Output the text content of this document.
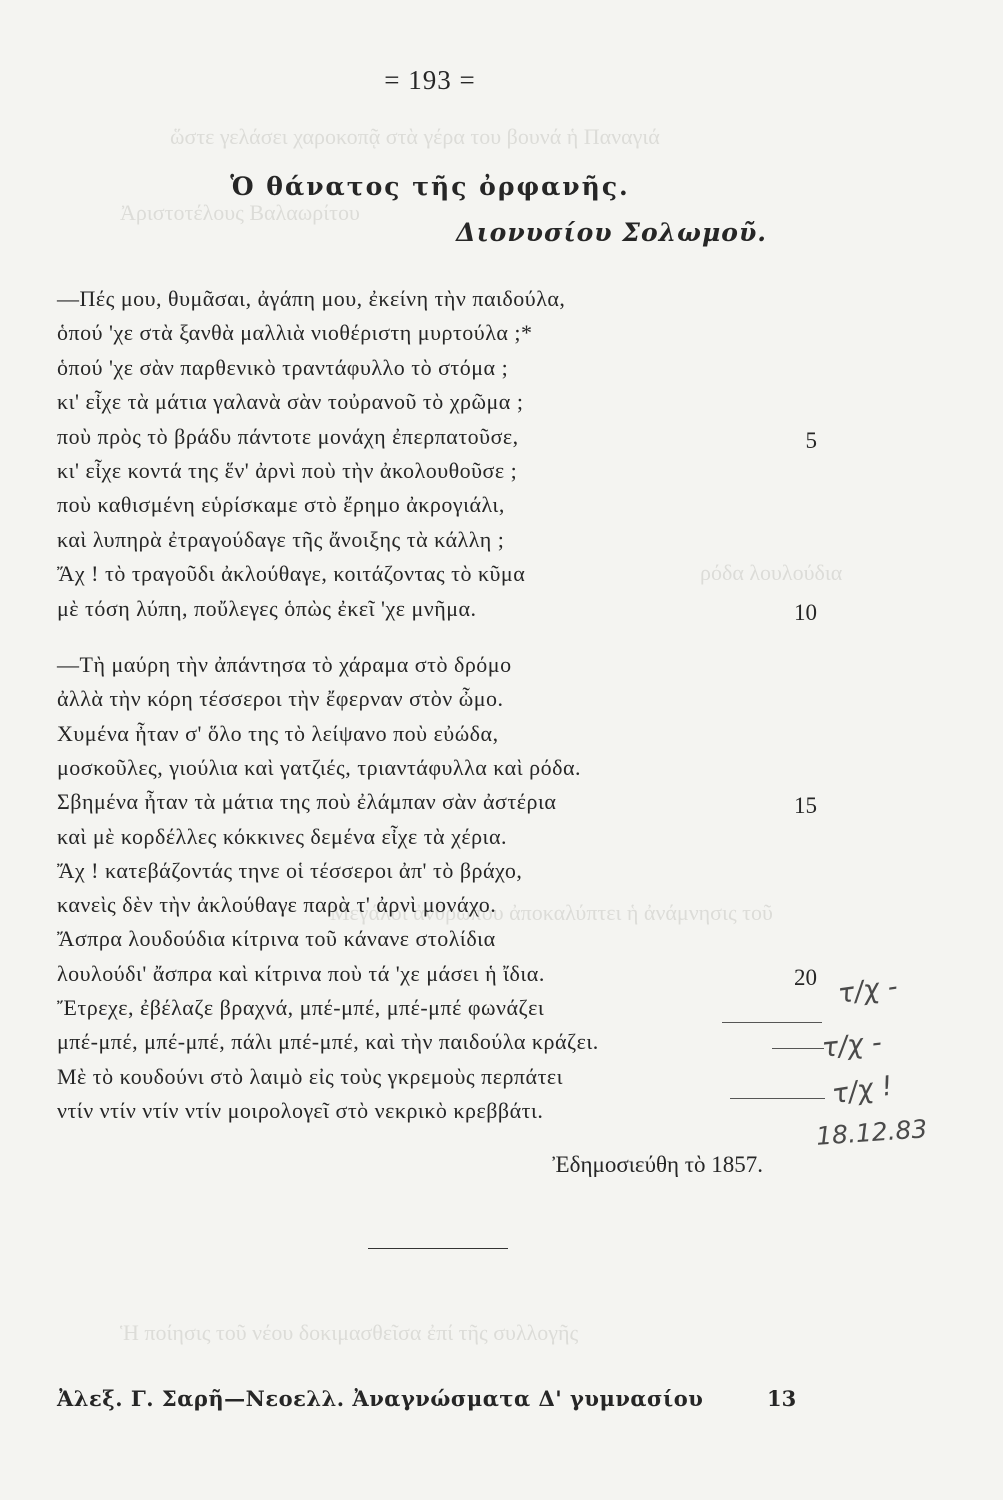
ὥστε γελάσει χαροκοπᾷ στὰ γέρα του βουνά ἡ Παναγιά
Ἀριστοτέλους Βαλαωρίτου
ρόδα λουλούδια
Μεγάλοι ἀνθρώπου ἀποκαλύπτει ἡ ἀνάμνησις τοῦ
Ἡ ποίησις τοῦ νέου δοκιμασθεῖσα ἐπί τῆς συλλογῆς
= 193 =
Ὁ θάνατος τῆς ὀρφανῆς.
Διονυσίου Σολωμοῦ.
—Πές μου, θυμᾶσαι, ἀγάπη μου, ἐκείνη τὴν παιδούλα,
ὁπού 'χε στὰ ξανθὰ μαλλιὰ νιοθέριστη μυρτούλα ;*
ὁπού 'χε σὰν παρθενικὸ τραντάφυλλο τὸ στόμα ;
κι' εἶχε τὰ μάτια γαλανὰ σὰν τοὐρανοῦ τὸ χρῶμα ;
ποὺ πρὸς τὸ βράδυ πάντοτε μονάχη ἐπερπατοῦσε,	5
κι' εἶχε κοντά της ἕν' ἀρνὶ ποὺ τὴν ἀκολουθοῦσε ;
ποὺ καθισμένη εὑρίσκαμε στὸ ἔρημο ἀκρογιάλι,
καὶ λυπηρὰ ἐτραγούδαγε τῆς ἄνοιξης τὰ κάλλη ;
Ἄχ ! τὸ τραγοῦδι ἀκλούθαγε, κοιτάζοντας τὸ κῦμα
μὲ τόση λύπη, ποὔλεγες ὁπὼς ἐκεῖ 'χε μνῆμα.	10
—Τὴ μαύρη τὴν ἀπάντησα τὸ χάραμα στὸ δρόμο
ἀλλὰ τὴν κόρη τέσσεροι τὴν ἔφερναν στὸν ὦμο.
Χυμένα ἦταν σ' ὅλο της τὸ λείψανο ποὺ εὐώδα,
μοσκοῦλες, γιούλια καὶ γατζιές, τριαντάφυλλα καὶ ρόδα.
Σβημένα ἦταν τὰ μάτια της ποὺ ἐλάμπαν σὰν ἀστέρια	15
καὶ μὲ κορδέλλες κόκκινες δεμένα εἶχε τὰ χέρια.
Ἄχ ! κατεβάζοντάς τηνε οἱ τέσσεροι ἀπ' τὸ βράχο,
κανεὶς δὲν τὴν ἀκλούθαγε παρὰ τ' ἀρνὶ μονάχο.
Ἄσπρα λουδούδια κίτρινα τοῦ κάνανε στολίδια
λουλούδι' ἄσπρα καὶ κίτρινα ποὺ τά 'χε μάσει ἡ ἴδια.	20
Ἔτρεχε, ἐβέλαζε βραχνά, μπέ-μπέ, μπέ-μπέ φωνάζει
μπέ-μπέ, μπέ-μπέ, πάλι μπέ-μπέ, καὶ τὴν παιδούλα κράζει.
Μὲ τὸ κουδούνι στὸ λαιμὸ εἰς τοὺς γκρεμοὺς περπάτει
ντίν ντίν ντίν ντίν μοιρολογεῖ στὸ νεκρικὸ κρεββάτι.
Ἐδημοσιεύθη τὸ 1857.
Ἀλεξ. Γ. Σαρῆ—Νεοελλ. Ἀναγνώσματα Δ' γυμνασίου	13
τ/χ -
τ/χ -
τ/χ !
18.12.83
